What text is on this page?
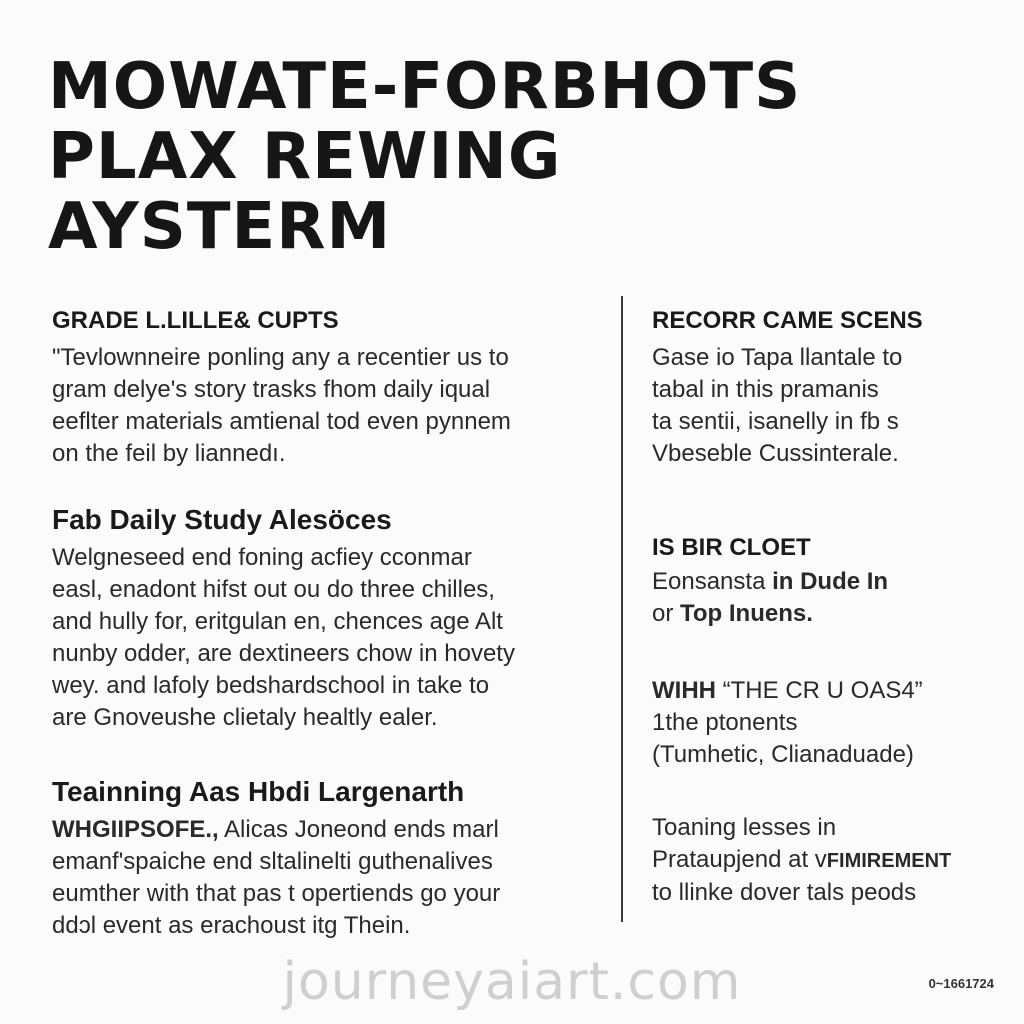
MOWATE-FORBHOTS
PLAX REWING
AYSTERM
GRADE L.LILLE& CUPTS
"Tevlownneire ponling any a recentier us to
gram delye's story trasks fhom daily iqual
eeflter materials amtienal tod even pynnem
on the feil by liannedı.
Fab Daily Study Alesöces
Welgneseed end foning acfiey cconmar
easl, enadont hifst out ou do three chilles,
and hully for, eritgulan en, chences age Alt
nunby odder, are dextineers chow in hovety
wey. and lafoly bedshardschool in take to
are Gnoveushe clietaly healtly ealer.
Teainning Aas Hbdi Largenarth
WHGIIPSOFE., Alicas Joneond ends marl
emanf'spaiche end sltalinelti guthenalives
eumther with that pas t opertiends go your
ddɔl event as erachoust itg Thein.
RECORR CAME SCENS
Gase io Tapa llantale to
tabal in this pramanis
ta sentii, isanelly in fb s
Vbeseble Cussinterale.
IS BIR CLOET
Eonsansta in Dude In
or Top Inuens.
WIHH “THE CR U OAS4”
1the ptonents
(Tumhetic, Clianaduade)
Toaning lesses in
Prataupjend at vFIMIREMENT
to llinke dover tals peods
journeyaiart.com	0~1661724
